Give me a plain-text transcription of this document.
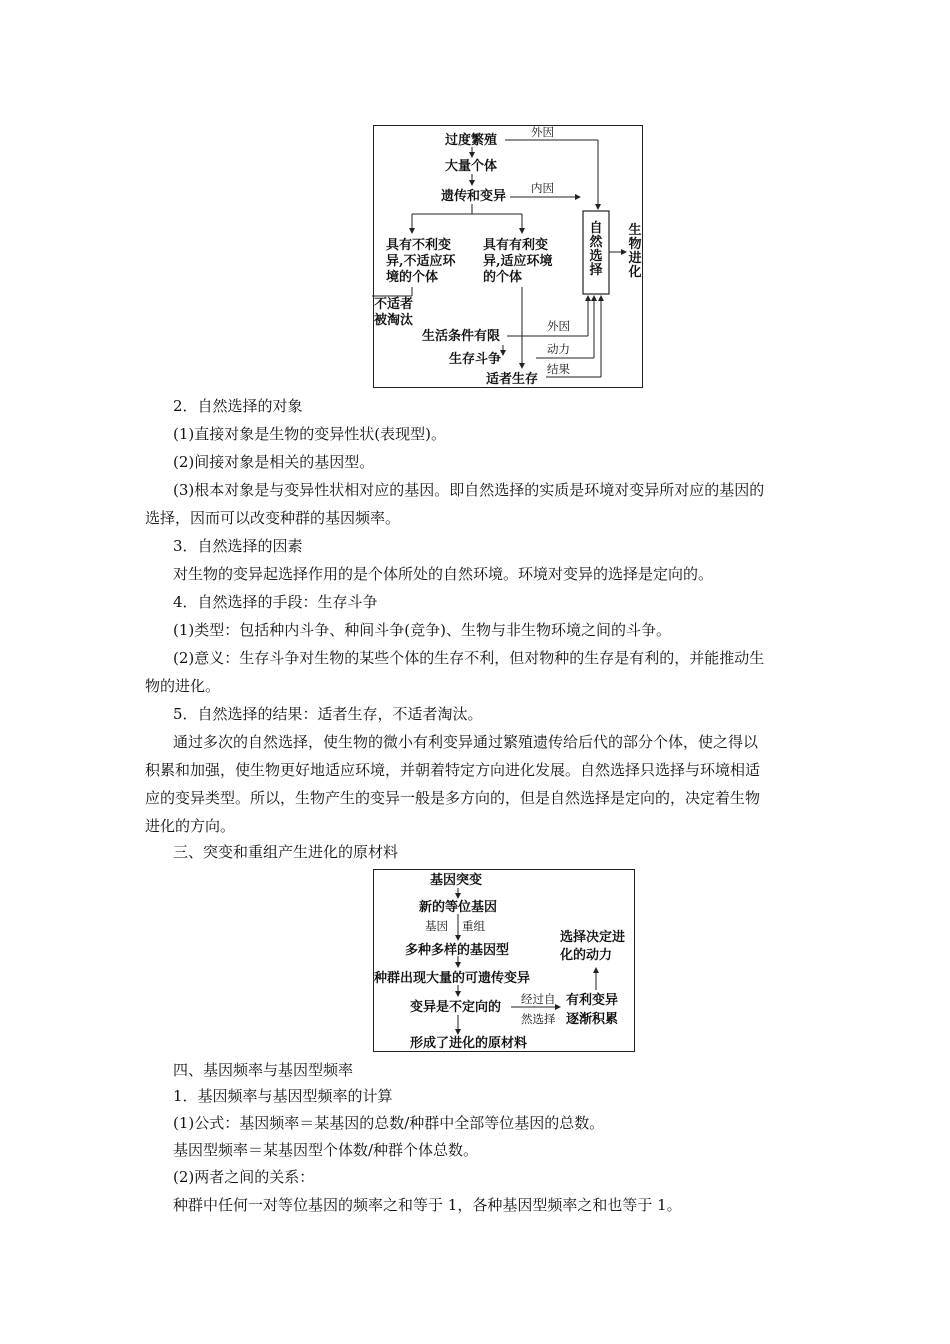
过度繁殖
大量个体
遗传和变异
具有不利变
异,不适应环
境的个体
具有有利变
异,适应环境
的个体
不适者
被淘汰
生活条件有限
生存斗争
适者生存
自然选择
生物进化
外因
内因
外因
动力
结果
2．自然选择的对象
(1)直接对象是生物的变异性状(表现型)。
(2)间接对象是相关的基因型。
(3)根本对象是与变异性状相对应的基因。即自然选择的实质是环境对变异所对应的基因的
选择，因而可以改变种群的基因频率。
3．自然选择的因素
对生物的变异起选择作用的是个体所处的自然环境。环境对变异的选择是定向的。
4．自然选择的手段：生存斗争
(1)类型：包括种内斗争、种间斗争(竞争)、生物与非生物环境之间的斗争。
(2)意义：生存斗争对生物的某些个体的生存不利，但对物种的生存是有利的，并能推动生
物的进化。
5．自然选择的结果：适者生存，不适者淘汰。
通过多次的自然选择，使生物的微小有利变异通过繁殖遗传给后代的部分个体，使之得以
积累和加强，使生物更好地适应环境，并朝着特定方向进化发展。自然选择只选择与环境相适
应的变异类型。所以，生物产生的变异一般是多方向的，但是自然选择是定向的，决定着生物
进化的方向。
三、突变和重组产生进化的原材料
基因突变
新的等位基因
基因 重组
多种多样的基因型
种群出现大量的可遗传变异
变异是不定向的
经过自
然选择
有利变异
逐渐积累
选择决定进
化的动力
形成了进化的原材料
四、基因频率与基因型频率
1．基因频率与基因型频率的计算
(1)公式：基因频率＝某基因的总数/种群中全部等位基因的总数。
基因型频率＝某基因型个体数/种群个体总数。
(2)两者之间的关系：
种群中任何一对等位基因的频率之和等于 1，各种基因型频率之和也等于 1。
